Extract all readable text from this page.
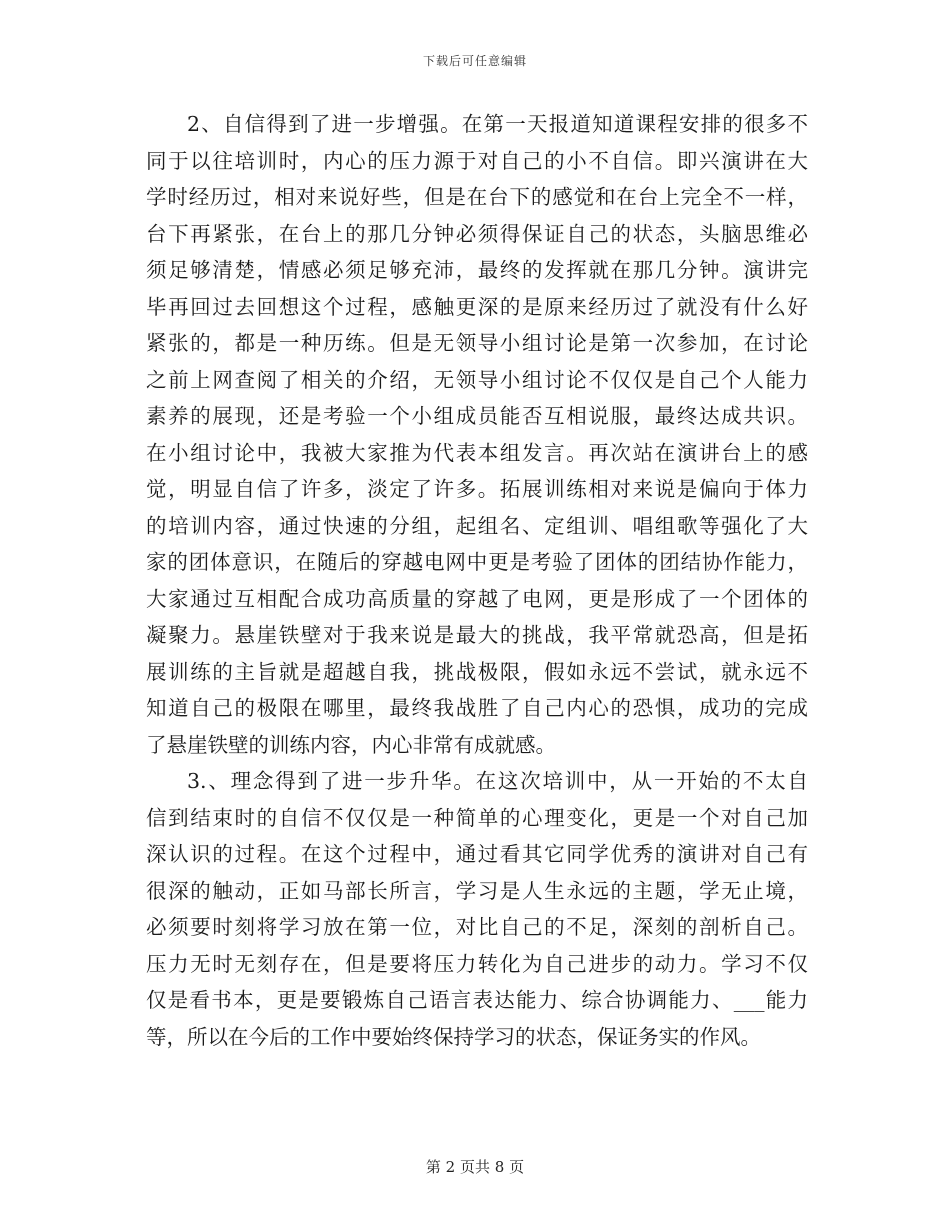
下载后可任意编辑
2、自信得到了进一步增强。在第一天报道知道课程安排的很多不
同于以往培训时，内心的压力源于对自己的小不自信。即兴演讲在大
学时经历过，相对来说好些，但是在台下的感觉和在台上完全不一样，
台下再紧张，在台上的那几分钟必须得保证自己的状态，头脑思维必
须足够清楚，情感必须足够充沛，最终的发挥就在那几分钟。演讲完
毕再回过去回想这个过程，感触更深的是原来经历过了就没有什么好
紧张的，都是一种历练。但是无领导小组讨论是第一次参加，在讨论
之前上网查阅了相关的介绍，无领导小组讨论不仅仅是自己个人能力
素养的展现，还是考验一个小组成员能否互相说服，最终达成共识。
在小组讨论中，我被大家推为代表本组发言。再次站在演讲台上的感
觉，明显自信了许多，淡定了许多。拓展训练相对来说是偏向于体力
的培训内容，通过快速的分组，起组名、定组训、唱组歌等强化了大
家的团体意识，在随后的穿越电网中更是考验了团体的团结协作能力，
大家通过互相配合成功高质量的穿越了电网，更是形成了一个团体的
凝聚力。悬崖铁壁对于我来说是最大的挑战，我平常就恐高，但是拓
展训练的主旨就是超越自我，挑战极限，假如永远不尝试，就永远不
知道自己的极限在哪里，最终我战胜了自己内心的恐惧，成功的完成
了悬崖铁壁的训练内容，内心非常有成就感。
3.、理念得到了进一步升华。在这次培训中，从一开始的不太自
信到结束时的自信不仅仅是一种简单的心理变化，更是一个对自己加
深认识的过程。在这个过程中，通过看其它同学优秀的演讲对自己有
很深的触动，正如马部长所言，学习是人生永远的主题，学无止境，
必须要时刻将学习放在第一位，对比自己的不足，深刻的剖析自己。
压力无时无刻存在，但是要将压力转化为自己进步的动力。学习不仅
仅是看书本，更是要锻炼自己语言表达能力、综合协调能力、___能力
等，所以在今后的工作中要始终保持学习的状态，保证务实的作风。
第 2 页共 8 页
